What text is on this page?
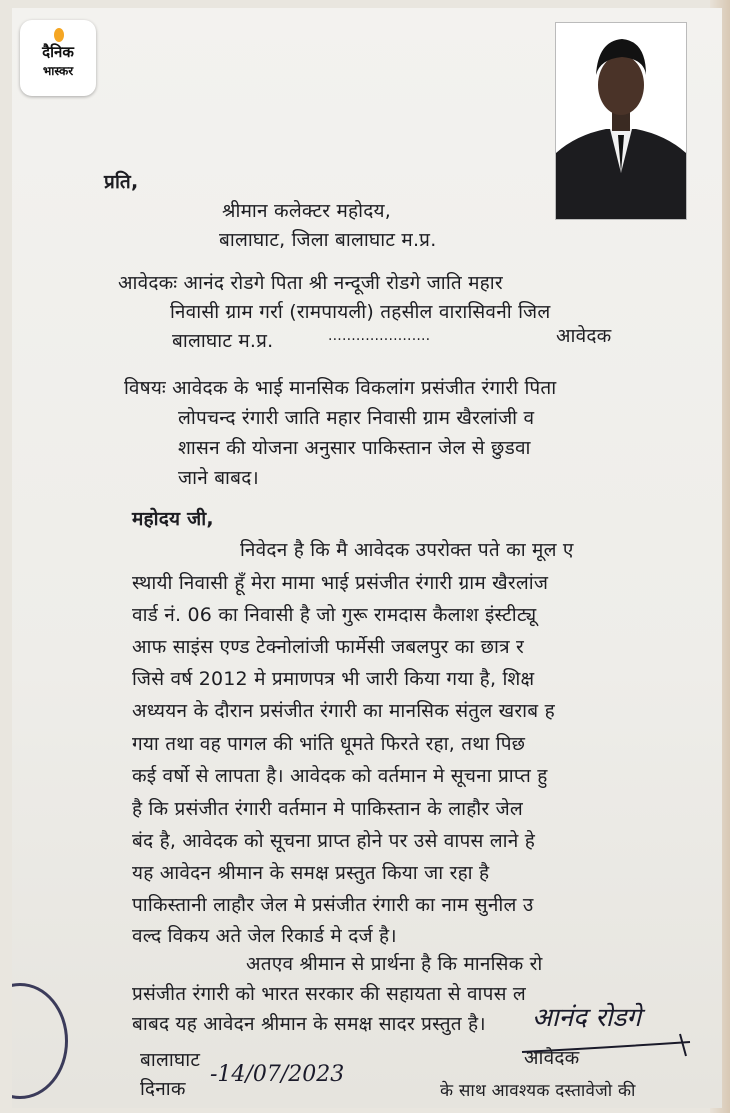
दैनिक
भास्कर
प्रति,
श्रीमान कलेक्टर महोदय,
बालाघाट, जिला बालाघाट म.प्र.
आवेदकः आनंद रोडगे पिता श्री नन्दूजी रोडगे जाति महार
निवासी ग्राम गर्रा (रामपायली) तहसील वारासिवनी जिल
बालाघाट म.प्र.	......................	आवेदक
विषयः आवेदक के भाई मानसिक विकलांग प्रसंजीत रंगारी पिता
लोपचन्द रंगारी जाति महार निवासी ग्राम खैरलांजी व
शासन की योजना अनुसार पाकिस्तान जेल से छुडवा
जाने बाबद।
महोदय जी,
निवेदन है कि मै आवेदक उपरोक्त पते का मूल ए
स्थायी निवासी हूँ मेरा मामा भाई प्रसंजीत रंगारी ग्राम खैरलांज
वार्ड नं. 06 का निवासी है जो गुरू रामदास कैलाश इंस्टीट्यू
आफ साइंस एण्ड टेक्नोलांजी फार्मेसी जबलपुर का छात्र र
जिसे वर्ष 2012 मे प्रमाणपत्र भी जारी किया गया है, शिक्ष
अध्ययन के दौरान प्रसंजीत रंगारी का मानसिक संतुल खराब ह
गया तथा वह पागल की भांति धूमते फिरते रहा, तथा पिछ
कई वर्षो से लापता है। आवेदक को वर्तमान मे सूचना प्राप्त हु
है कि प्रसंजीत रंगारी वर्तमान मे पाकिस्तान के लाहौर जेल
बंद है, आवेदक को सूचना प्राप्त होने पर उसे वापस लाने हे
यह आवेदन श्रीमान के समक्ष प्रस्तुत किया जा रहा है
पाकिस्तानी लाहौर जेल मे प्रसंजीत रंगारी का नाम सुनील उ
वल्द विकय अते जेल रिकार्ड मे दर्ज है।
अतएव श्रीमान से प्रार्थना है कि मानसिक रो
प्रसंजीत रंगारी को भारत सरकार की सहायता से वापस ल
बाबद यह आवेदन श्रीमान के समक्ष सादर प्रस्तुत है। आनंद रोडगे
बालाघाट	आवेदक
दिनाक
-14/07/2023
के साथ आवश्यक दस्तावेजो की
